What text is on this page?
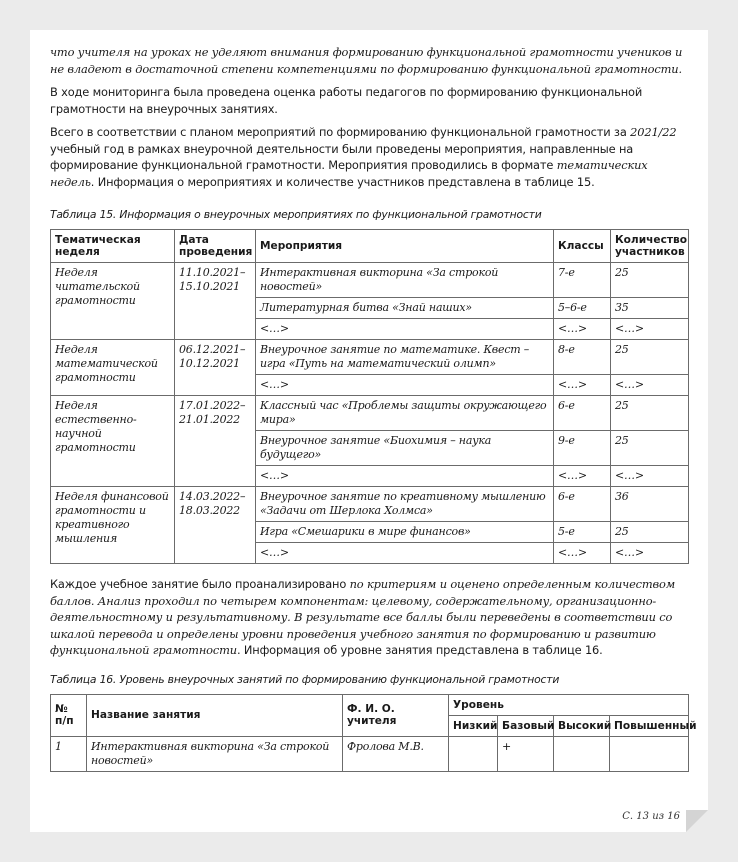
что учителя на уроках не уделяют внимания формированию функциональной грамотности учеников и не владеют в достаточной степени компетенциями по формированию функциональной грамотности.

В ходе мониторинга была проведена оценка работы педагогов по формированию функциональной грамотности на внеурочных занятиях.

Всего в соответствии с планом мероприятий по формированию функциональной грамотности за 2021/22 учебный год в рамках внеурочной деятельности были проведены мероприятия, направленные на формирование функциональной грамотности. Мероприятия проводились в формате тематических недель. Информация о мероприятиях и количестве участников представлена в таблице 15.

Таблица 15. Информация о внеурочных мероприятиях по функциональной грамотности
Тематическая неделя	Дата проведения	Мероприятия	Классы	Количество участников
Неделя читательской грамотности	11.10.2021–15.10.2021	Интерактивная викторина «За строкой новостей»	7-е	25
		Литературная битва «Знай наших»	5–6-е	35
		<…>	<…>	<…>
Неделя математической грамотности	06.12.2021–10.12.2021	Внеурочное занятие по математике. Квест – игра «Путь на математический олимп»	8-е	25
		<…>	<…>	<…>
Неделя естественно-научной грамотности	17.01.2022–21.01.2022	Классный час «Проблемы защиты окружающего мира»	6-е	25
		Внеурочное занятие «Биохимия – наука будущего»	9-е	25
		<…>	<…>	<…>
Неделя финансовой грамотности и креативного мышления	14.03.2022–18.03.2022	Внеурочное занятие по креативному мышлению «Задачи от Шерлока Холмса»	6-е	36
		Игра «Смешарики в мире финансов»	5-е	25
		<…>	<…>	<…>

Каждое учебное занятие было проанализировано по критериям и оценено определенным количеством баллов. Анализ проходил по четырем компонентам: целевому, содержательному, организационно-деятельностному и результативному. В результате все баллы были переведены в соответствии со шкалой перевода и определены уровни проведения учебного занятия по формированию и развитию функциональной грамотности. Информация об уровне занятия представлена в таблице 16.

Таблица 16. Уровень внеурочных занятий по формированию функциональной грамотности
№ п/п	Название занятия	Ф. И. О. учителя	Уровень			
			Низкий	Базовый	Высокий	Повышенный
1	Интерактивная викторина «За строкой новостей»	Фролова М.В.		+		
С. 13 из 16
